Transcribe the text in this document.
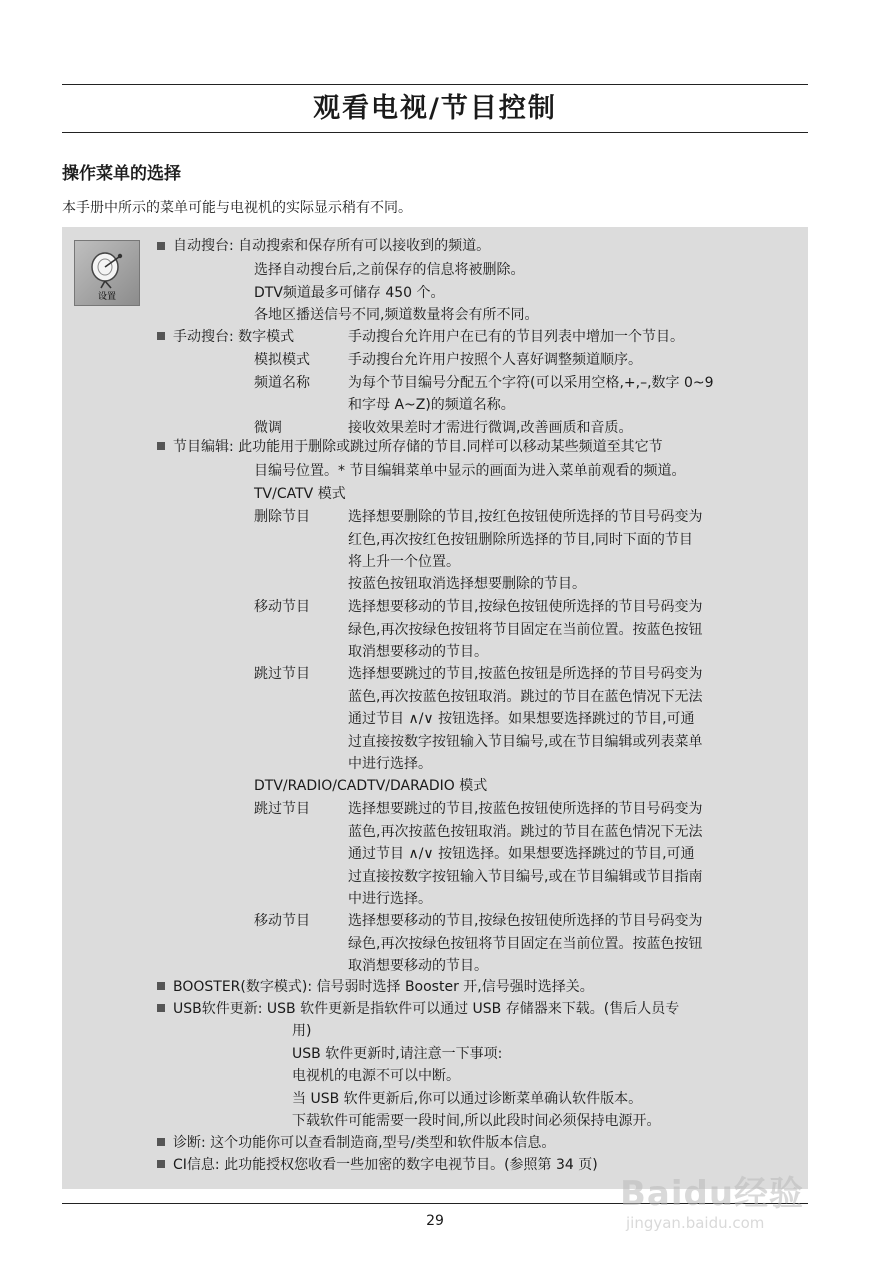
观看电视/节目控制
操作菜单的选择
本手册中所示的菜单可能与电视机的实际显示稍有不同。
设置
自动搜台: 自动搜索和保存所有可以接收到的频道。
选择自动搜台后,之前保存的信息将被删除。
DTV频道最多可储存 450 个。
各地区播送信号不同,频道数量将会有所不同。
手动搜台: 数字模式	手动搜台允许用户在已有的节目列表中增加一个节目。
模拟模式	手动搜台允许用户按照个人喜好调整频道顺序。
频道名称	为每个节目编号分配五个字符(可以采用空格,+,–,数字 0~9
和字母 A~Z)的频道名称。
微调	接收效果差时才需进行微调,改善画质和音质。
节目编辑: 此功能用于删除或跳过所存储的节目.同样可以移动某些频道至其它节
目编号位置。* 节目编辑菜单中显示的画面为进入菜单前观看的频道。
TV/CATV 模式
删除节目	选择想要删除的节目,按红色按钮使所选择的节目号码变为
红色,再次按红色按钮删除所选择的节目,同时下面的节目
将上升一个位置。
按蓝色按钮取消选择想要删除的节目。
移动节目	选择想要移动的节目,按绿色按钮使所选择的节目号码变为
绿色,再次按绿色按钮将节目固定在当前位置。按蓝色按钮
取消想要移动的节目。
跳过节目	选择想要跳过的节目,按蓝色按钮是所选择的节目号码变为
蓝色,再次按蓝色按钮取消。跳过的节目在蓝色情况下无法
通过节目 ∧/∨ 按钮选择。如果想要选择跳过的节目,可通
过直接按数字按钮输入节目编号,或在节目编辑或列表菜单
中进行选择。
DTV/RADIO/CADTV/DARADIO 模式
跳过节目	选择想要跳过的节目,按蓝色按钮使所选择的节目号码变为
蓝色,再次按蓝色按钮取消。跳过的节目在蓝色情况下无法
通过节目 ∧/∨ 按钮选择。如果想要选择跳过的节目,可通
过直接按数字按钮输入节目编号,或在节目编辑或节目指南
中进行选择。
移动节目	选择想要移动的节目,按绿色按钮使所选择的节目号码变为
绿色,再次按绿色按钮将节目固定在当前位置。按蓝色按钮
取消想要移动的节目。
BOOSTER(数字模式): 信号弱时选择 Booster 开,信号强时选择关。
USB软件更新: USB 软件更新是指软件可以通过 USB 存储器来下载。(售后人员专
用)
USB 软件更新时,请注意一下事项:
电视机的电源不可以中断。
当 USB 软件更新后,你可以通过诊断菜单确认软件版本。
下载软件可能需要一段时间,所以此段时间必须保持电源开。
诊断: 这个功能你可以查看制造商,型号/类型和软件版本信息。
CI信息: 此功能授权您收看一些加密的数字电视节目。(参照第 34 页)
29
Baidu经验
jingyan.baidu.com
